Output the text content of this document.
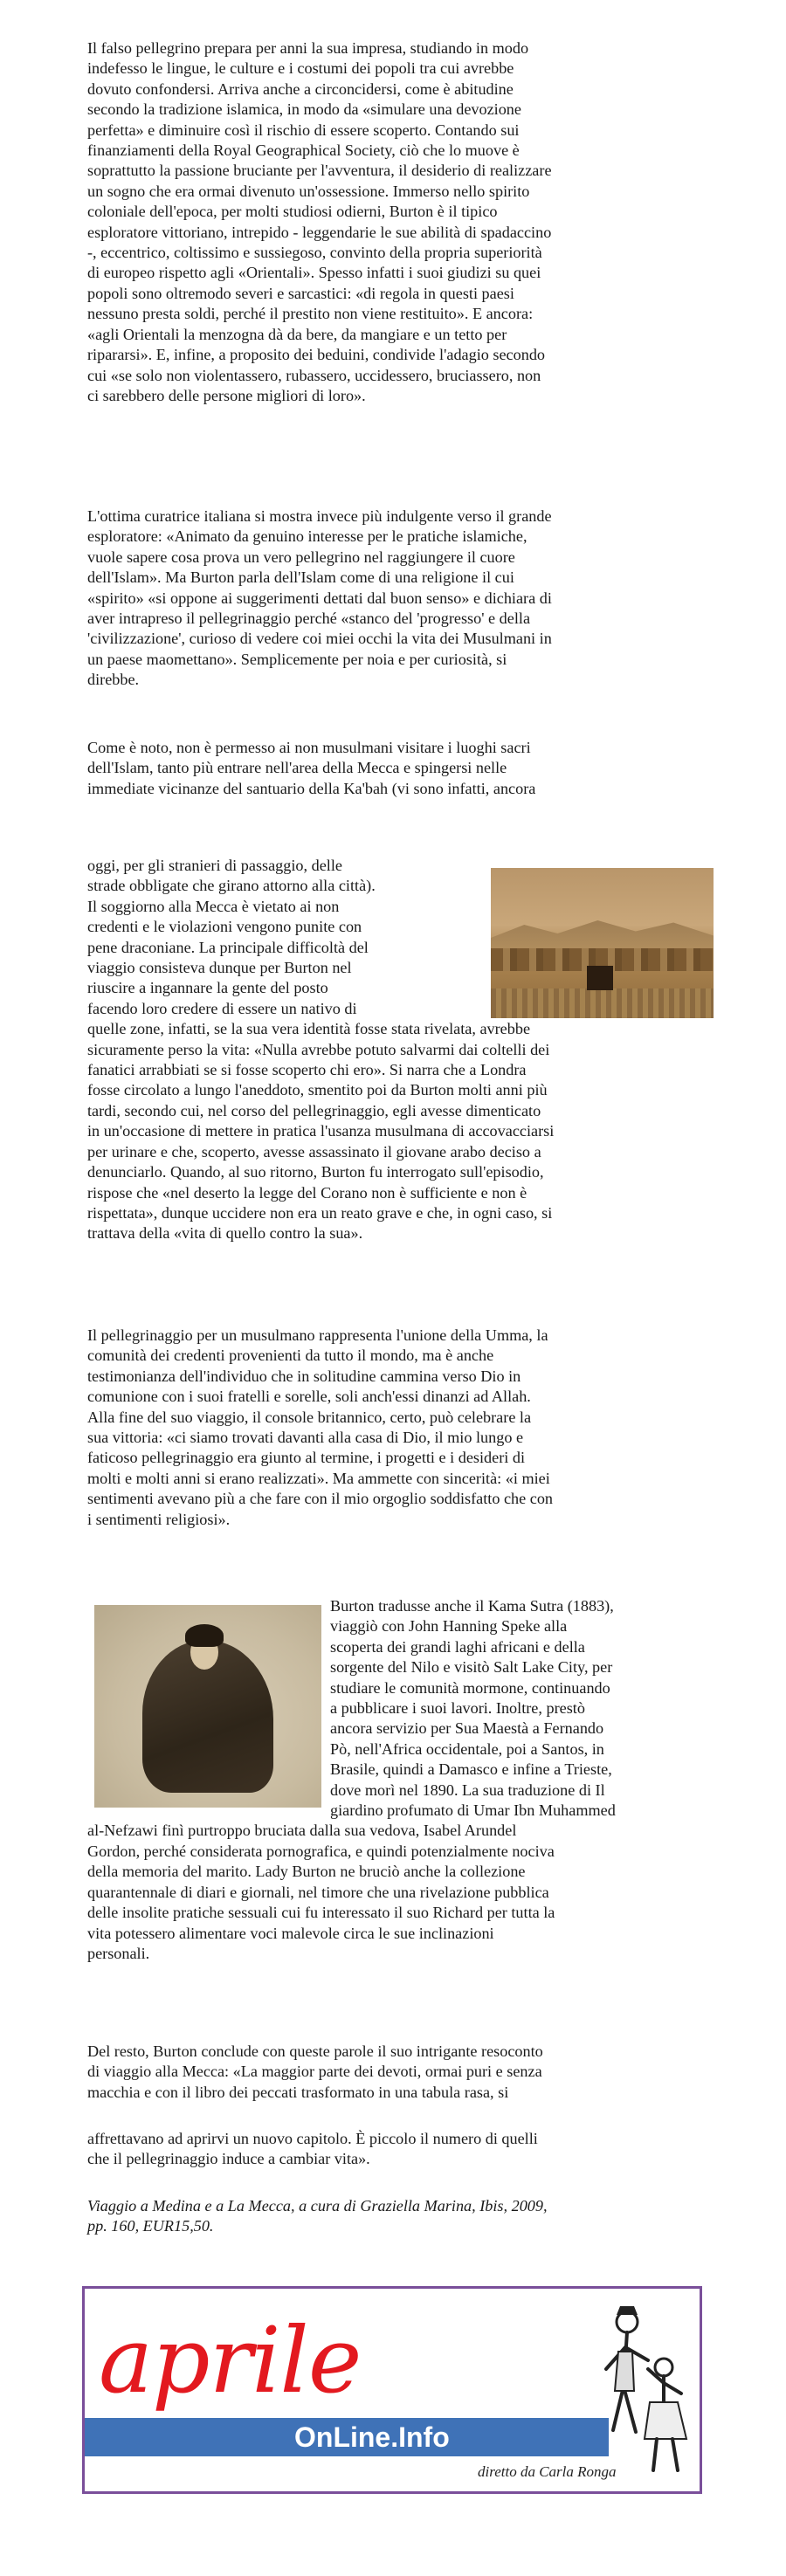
Il falso pellegrino prepara per anni la sua impresa, studiando in modo
indefesso le lingue, le culture e i costumi dei popoli tra cui avrebbe
dovuto confondersi. Arriva anche a circoncidersi, come è abitudine
secondo la tradizione islamica, in modo da «simulare una devozione
perfetta» e diminuire così il rischio di essere scoperto. Contando sui
finanziamenti della Royal Geographical Society, ciò che lo muove è
soprattutto la passione bruciante per l'avventura, il desiderio di realizzare
un sogno che era ormai divenuto un'ossessione. Immerso nello spirito
coloniale dell'epoca, per molti studiosi odierni, Burton è il tipico
esploratore vittoriano, intrepido - leggendarie le sue abilità di spadaccino
-, eccentrico, coltissimo e sussiegoso, convinto della propria superiorità
di europeo rispetto agli «Orientali». Spesso infatti i suoi giudizi su quei
popoli sono oltremodo severi e sarcastici: «di regola in questi paesi
nessuno presta soldi, perché il prestito non viene restituito». E ancora:
«agli Orientali la menzogna dà da bere, da mangiare e un tetto per
ripararsi». E, infine, a proposito dei beduini, condivide l'adagio secondo
cui «se solo non violentassero, rubassero, uccidessero, bruciassero, non
ci sarebbero delle persone migliori di loro».

L'ottima curatrice italiana si mostra invece più indulgente verso il grande
esploratore: «Animato da genuino interesse per le pratiche islamiche,
vuole sapere cosa prova un vero pellegrino nel raggiungere il cuore
dell'Islam». Ma Burton parla dell'Islam come di una religione il cui
«spirito» «si oppone ai suggerimenti dettati dal buon senso» e dichiara di
aver intrapreso il pellegrinaggio perché «stanco del 'progresso' e della
'civilizzazione', curioso di vedere coi miei occhi la vita dei Musulmani in
un paese maomettano». Semplicemente per noia e per curiosità, si
direbbe.

Come è noto, non è permesso ai non musulmani visitare i luoghi sacri
dell'Islam, tanto più entrare nell'area della Mecca e spingersi nelle
immediate vicinanze del santuario della Ka'bah (vi sono infatti, ancora

oggi, per gli stranieri di passaggio, delle
strade obbligate che girano attorno alla città).
Il soggiorno alla Mecca è vietato ai non
credenti e le violazioni vengono punite con
pene draconiane. La principale difficoltà del
viaggio consisteva dunque per Burton nel
riuscire a ingannare la gente del posto
facendo loro credere di essere un nativo di

quelle zone, infatti, se la sua vera identità fosse stata rivelata, avrebbe
sicuramente perso la vita: «Nulla avrebbe potuto salvarmi dai coltelli dei
fanatici arrabbiati se si fosse scoperto chi ero». Si narra che a Londra
fosse circolato a lungo l'aneddoto, smentito poi da Burton molti anni più
tardi, secondo cui, nel corso del pellegrinaggio, egli avesse dimenticato
in un'occasione di mettere in pratica l'usanza musulmana di accovacciarsi
per urinare e che, scoperto, avesse assassinato il giovane arabo deciso a
denunciarlo. Quando, al suo ritorno, Burton fu interrogato sull'episodio,
rispose che «nel deserto la legge del Corano non è sufficiente e non è
rispettata», dunque uccidere non era un reato grave e che, in ogni caso, si
trattava della «vita di quello contro la sua».

Il pellegrinaggio per un musulmano rappresenta l'unione della Umma, la
comunità dei credenti provenienti da tutto il mondo, ma è anche
testimonianza dell'individuo che in solitudine cammina verso Dio in
comunione con i suoi fratelli e sorelle, soli anch'essi dinanzi ad Allah.
Alla fine del suo viaggio, il console britannico, certo, può celebrare la
sua vittoria: «ci siamo trovati davanti alla casa di Dio, il mio lungo e
faticoso pellegrinaggio era giunto al termine, i progetti e i desideri di
molti e molti anni si erano realizzati». Ma ammette con sincerità: «i miei
sentimenti avevano più a che fare con il mio orgoglio soddisfatto che con
i sentimenti religiosi».

Burton tradusse anche il Kama Sutra (1883),
viaggiò con John Hanning Speke alla
scoperta dei grandi laghi africani e della
sorgente del Nilo e visitò Salt Lake City, per
studiare le comunità mormone, continuando
a pubblicare i suoi lavori. Inoltre, prestò
ancora servizio per Sua Maestà a Fernando
Pò, nell'Africa occidentale, poi a Santos, in
Brasile, quindi a Damasco e infine a Trieste,
dove morì nel 1890. La sua traduzione di Il
giardino profumato di Umar Ibn Muhammed

al-Nefzawi finì purtroppo bruciata dalla sua vedova, Isabel Arundel
Gordon, perché considerata pornografica, e quindi potenzialmente nociva
della memoria del marito. Lady Burton ne bruciò anche la collezione
quarantennale di diari e giornali, nel timore che una rivelazione pubblica
delle insolite pratiche sessuali cui fu interessato il suo Richard per tutta la
vita potessero alimentare voci malevole circa le sue inclinazioni
personali.

Del resto, Burton conclude con queste parole il suo intrigante resoconto
di viaggio alla Mecca: «La maggior parte dei devoti, ormai puri e senza
macchia e con il libro dei peccati trasformato in una tabula rasa, si

affrettavano ad aprirvi un nuovo capitolo. È piccolo il numero di quelli
che il pellegrinaggio induce a cambiar vita».

Viaggio a Medina e a La Mecca, a cura di Graziella Marina, Ibis, 2009,
pp. 160, EUR15,50.

aprile
OnLine.Info
diretto da Carla Ronga
